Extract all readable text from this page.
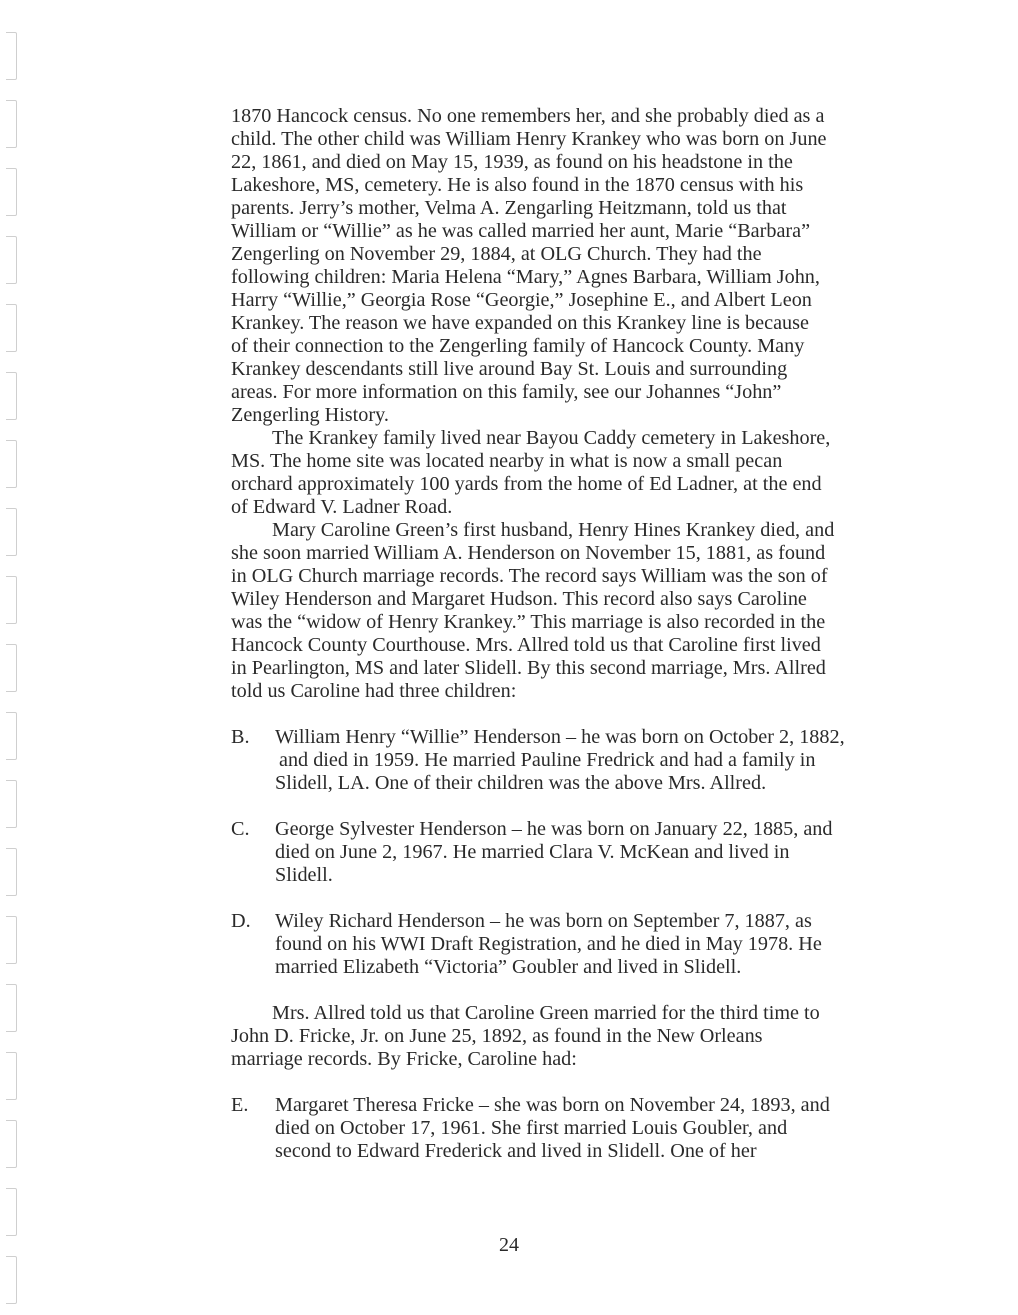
1870 Hancock census. No one remembers her, and she probably died as a
child. The other child was William Henry Krankey who was born on June
22, 1861, and died on May 15, 1939, as found on his headstone in the
Lakeshore, MS, cemetery. He is also found in the 1870 census with his
parents. Jerry’s mother, Velma A. Zengarling Heitzmann, told us that
William or “Willie” as he was called married her aunt, Marie “Barbara”
Zengerling on November 29, 1884, at OLG Church. They had the
following children: Maria Helena “Mary,” Agnes Barbara, William John,
Harry “Willie,” Georgia Rose “Georgie,” Josephine E., and Albert Leon
Krankey. The reason we have expanded on this Krankey line is because
of their connection to the Zengerling family of Hancock County. Many
Krankey descendants still live around Bay St. Louis and surrounding
areas. For more information on this family, see our Johannes “John”
Zengerling History.

The Krankey family lived near Bayou Caddy cemetery in Lakeshore,
MS. The home site was located nearby in what is now a small pecan
orchard approximately 100 yards from the home of Ed Ladner, at the end
of Edward V. Ladner Road.

Mary Caroline Green’s first husband, Henry Hines Krankey died, and
she soon married William A. Henderson on November 15, 1881, as found
in OLG Church marriage records. The record says William was the son of
Wiley Henderson and Margaret Hudson. This record also says Caroline
was the “widow of Henry Krankey.” This marriage is also recorded in the
Hancock County Courthouse. Mrs. Allred told us that Caroline first lived
in Pearlington, MS and later Slidell. By this second marriage, Mrs. Allred
told us Caroline had three children:

B.	William Henry “Willie” Henderson – he was born on October 2, 1882,
and died in 1959. He married Pauline Fredrick and had a family in
Slidell, LA. One of their children was the above Mrs. Allred.
C.	George Sylvester Henderson – he was born on January 22, 1885, and
died on June 2, 1967. He married Clara V. McKean and lived in
Slidell.
D.	Wiley Richard Henderson – he was born on September 7, 1887, as
found on his WWI Draft Registration, and he died in May 1978. He
married Elizabeth “Victoria” Goubler and lived in Slidell.

Mrs. Allred told us that Caroline Green married for the third time to
John D. Fricke, Jr. on June 25, 1892, as found in the New Orleans
marriage records. By Fricke, Caroline had:

E.	Margaret Theresa Fricke – she was born on November 24, 1893, and
died on October 17, 1961. She first married Louis Goubler, and
second to Edward Frederick and lived in Slidell. One of her
24
